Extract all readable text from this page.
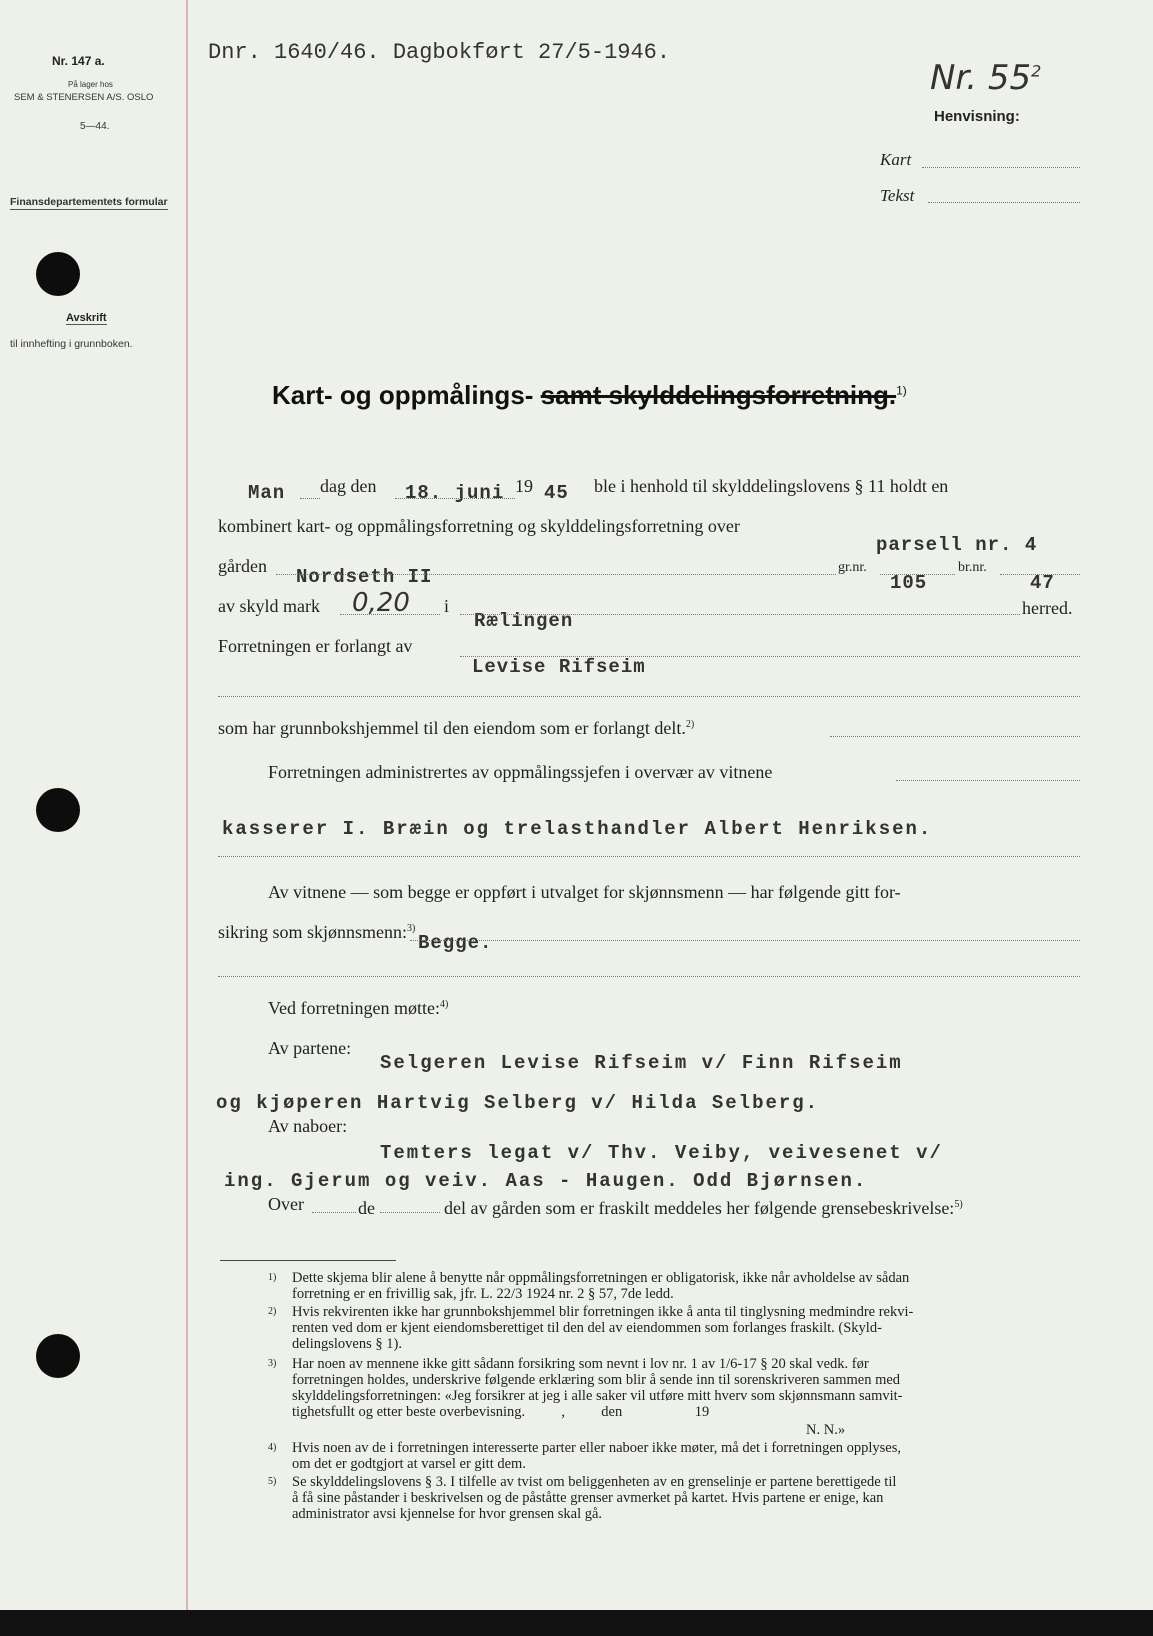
Nr. 147 a.
På lager hos
SEM & STENERSEN A/S. OSLO
5—44.
Finansdepartementets formular
Avskrift
til innhefting i grunnboken.
Dnr. 1640/46. Dagbokført 27/5-1946.
Nr. $55^2$
Henvisning:
Kart
Tekst
Kart- og oppmålings- samt skylddelingsforretning.$^{1)}$
Man dag den 18. juni 19 45 ble i henhold til skylddelingslovens § 11 holdt en
kombinert kart- og oppmålingsforretning og skylddelingsforretning over
parsell nr. 4
gården Nordseth II	gr.nr.
105
br.nr.
47
av skyld mark 0,20 i
Rælingen
herred.
Forretningen er forlangt av
Levise Rifseim
som har grunnbokshjemmel til den eiendom som er forlangt delt.$^{2)}$
Forretningen administrertes av oppmålingssjefen i overvær av vitnene
kasserer I. Bræin og trelasthandler Albert Henriksen.
Av vitnene — som begge er oppført i utvalget for skjønnsmenn — har følgende gitt for-
sikring som skjønnsmenn:$^{3)}$
Begge.
Ved forretningen møtte:$^{4)}$
Av partene:
Selgeren Levise Rifseim v/ Finn Rifseim
og kjøperen Hartvig Selberg v/ Hilda Selberg.
Av naboer:
Temters legat v/ Thv. Veiby, veivesenet v/
ing. Gjerum og veiv. Aas - Haugen. Odd Bjørnsen.
Over	de	del av gården som er fraskilt meddeles her følgende grensebeskrivelse:$^{5)}$
1)	Dette skjema blir alene å benytte når oppmålingsforretningen er obligatorisk, ikke når avholdelse av sådan
forretning er en frivillig sak, jfr. L. 22/3 1924 nr. 2 § 57, 7de ledd.
2)	Hvis rekvirenten ikke har grunnbokshjemmel blir forretningen ikke å anta til tinglysning medmindre rekvi-
renten ved dom er kjent eiendomsberettiget til den del av eiendommen som forlanges fraskilt. (Skyld-
delingslovens § 1).
3)	Har noen av mennene ikke gitt sådann forsikring som nevnt i lov nr. 1 av 1/6-17 § 20 skal vedk. før
forretningen holdes, underskrive følgende erklæring som blir å sende inn til sorenskriveren sammen med
skylddelingsforretningen: «Jeg forsikrer at jeg i alle saker vil utføre mitt hverv som skjønnsmann samvit-
tighetsfullt og etter beste overbevisning.          ,          den                    19
N. N.»
4)	Hvis noen av de i forretningen interesserte parter eller naboer ikke møter, må det i forretningen opplyses,
om det er godtgjort at varsel er gitt dem.
5)	Se skylddelingslovens § 3. I tilfelle av tvist om beliggenheten av en grenselinje er partene berettigede til
å få sine påstander i beskrivelsen og de påståtte grenser avmerket på kartet. Hvis partene er enige, kan
administrator avsi kjennelse for hvor grensen skal gå.
